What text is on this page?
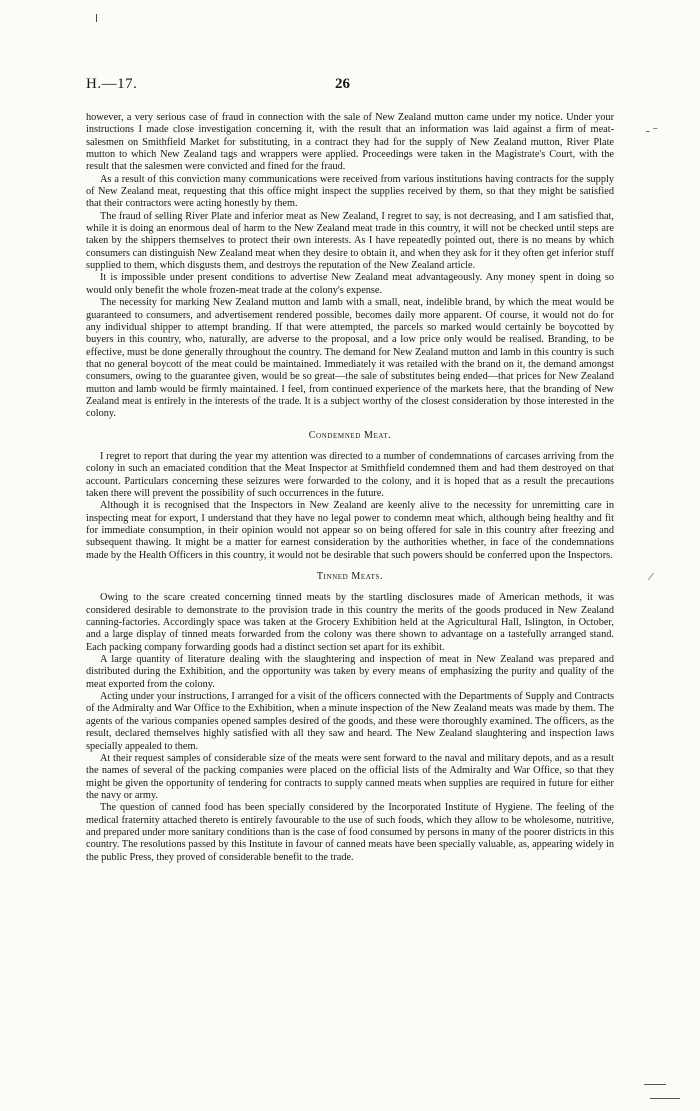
H.—17.	26

however, a very serious case of fraud in connection with the sale of New Zealand mutton came under my notice. Under your instructions I made close investigation concerning it, with the result that an information was laid against a firm of meat-salesmen on Smithfield Market for substituting, in a contract they had for the supply of New Zealand mutton, River Plate mutton to which New Zealand tags and wrappers were applied. Proceedings were taken in the Magistrate's Court, with the result that the salesmen were convicted and fined for the fraud.

As a result of this conviction many communications were received from various institutions having contracts for the supply of New Zealand meat, requesting that this office might inspect the supplies received by them, so that they might be satisfied that their contractors were acting honestly by them.

The fraud of selling River Plate and inferior meat as New Zealand, I regret to say, is not decreasing, and I am satisfied that, while it is doing an enormous deal of harm to the New Zealand meat trade in this country, it will not be checked until steps are taken by the shippers themselves to protect their own interests. As I have repeatedly pointed out, there is no means by which consumers can distinguish New Zealand meat when they desire to obtain it, and when they ask for it they often get inferior stuff supplied to them, which disgusts them, and destroys the reputation of the New Zealand article.

It is impossible under present conditions to advertise New Zealand meat advantageously. Any money spent in doing so would only benefit the whole frozen-meat trade at the colony's expense.

The necessity for marking New Zealand mutton and lamb with a small, neat, indelible brand, by which the meat would be guaranteed to consumers, and advertisement rendered possible, becomes daily more apparent. Of course, it would not do for any individual shipper to attempt branding. If that were attempted, the parcels so marked would certainly be boycotted by buyers in this country, who, naturally, are adverse to the proposal, and a low price only would be realised. Branding, to be effective, must be done generally throughout the country. The demand for New Zealand mutton and lamb in this country is such that no general boycott of the meat could be maintained. Immediately it was retailed with the brand on it, the demand amongst consumers, owing to the guarantee given, would be so great—the sale of substitutes being ended—that prices for New Zealand mutton and lamb would be firmly maintained. I feel, from continued experience of the markets here, that the branding of New Zealand meat is entirely in the interests of the trade. It is a subject worthy of the closest consideration by those interested in the colony.

Condemned Meat.

I regret to report that during the year my attention was directed to a number of condemnations of carcases arriving from the colony in such an emaciated condition that the Meat Inspector at Smithfield condemned them and had them destroyed on that account. Particulars concerning these seizures were forwarded to the colony, and it is hoped that as a result the precautions taken there will prevent the possibility of such occurrences in the future.

Although it is recognised that the Inspectors in New Zealand are keenly alive to the necessity for unremitting care in inspecting meat for export, I understand that they have no legal power to condemn meat which, although being healthy and fit for immediate consumption, in their opinion would not appear so on being offered for sale in this country after freezing and subsequent thawing. It might be a matter for earnest consideration by the authorities whether, in face of the condemnations made by the Health Officers in this country, it would not be desirable that such powers should be conferred upon the Inspectors.

Tinned Meats.

Owing to the scare created concerning tinned meats by the startling disclosures made of American methods, it was considered desirable to demonstrate to the provision trade in this country the merits of the goods produced in New Zealand canning-factories. Accordingly space was taken at the Grocery Exhibition held at the Agricultural Hall, Islington, in October, and a large display of tinned meats forwarded from the colony was there shown to advantage on a tastefully arranged stand. Each packing company forwarding goods had a distinct section set apart for its exhibit.

A large quantity of literature dealing with the slaughtering and inspection of meat in New Zealand was prepared and distributed during the Exhibition, and the opportunity was taken by every means of emphasizing the purity and quality of the meat exported from the colony.

Acting under your instructions, I arranged for a visit of the officers connected with the Departments of Supply and Contracts of the Admiralty and War Office to the Exhibition, when a minute inspection of the New Zealand meats was made by them. The agents of the various companies opened samples desired of the goods, and these were thoroughly examined. The officers, as the result, declared themselves highly satisfied with all they saw and heard. The New Zealand slaughtering and inspection laws specially appealed to them.

At their request samples of considerable size of the meats were sent forward to the naval and military depots, and as a result the names of several of the packing companies were placed on the official lists of the Admiralty and War Office, so that they might be given the opportunity of tendering for contracts to supply canned meats when supplies are required in future for either the navy or army.

The question of canned food has been specially considered by the Incorporated Institute of Hygiene. The feeling of the medical fraternity attached thereto is entirely favourable to the use of such foods, which they allow to be wholesome, nutritive, and prepared under more sanitary conditions than is the case of food consumed by persons in many of the poorer districts in this country. The resolutions passed by this Institute in favour of canned meats have been specially valuable, as, appearing widely in the public Press, they proved of considerable benefit to the trade.

- ⁻
⁄
